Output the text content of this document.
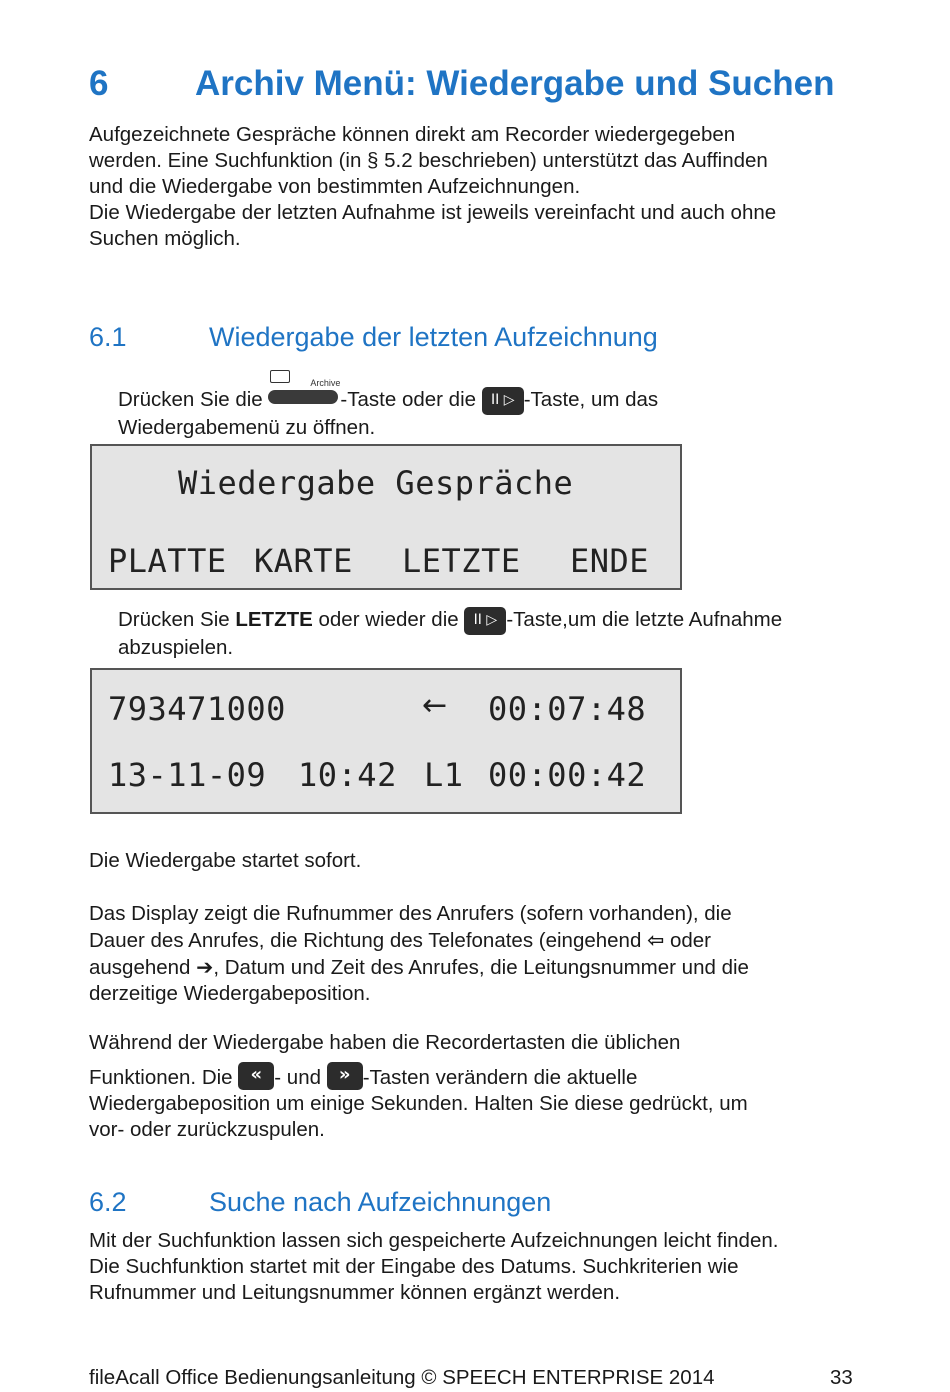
6 Archiv Menü: Wiedergabe und Suchen
Aufgezeichnete Gespräche können direkt am Recorder wiedergegeben
werden. Eine Suchfunktion (in § 5.2 beschrieben) unterstützt das Auffinden
und die Wiedergabe von bestimmten Aufzeichnungen.
Die Wiedergabe der letzten Aufnahme ist jeweils vereinfacht und auch ohne
Suchen möglich.
6.1	Wiedergabe der letzten Aufzeichnung
Drücken Sie die
Archive
-Taste oder die II ▷ -Taste, um das
Wiedergabemenü zu öffnen.
Wiedergabe Gespräche
PLATTE KARTE LETZTE ENDE
Drücken Sie LETZTE oder wieder die II ▷ -Taste,um die letzte Aufnahme
abzuspielen.
793471000	← 00:07:48
13-11-09 10:42 L1 00:00:42
Die Wiedergabe startet sofort.
Das Display zeigt die Rufnummer des Anrufers (sofern vorhanden), die
Dauer des Anrufes, die Richtung des Telefonates (eingehend ⇦ oder
ausgehend ➔, Datum und Zeit des Anrufes, die Leitungsnummer und die
derzeitige Wiedergabeposition.
Während der Wiedergabe haben die Recordertasten die üblichen
Funktionen. Die « - und » -Tasten verändern die aktuelle
Wiedergabeposition um einige Sekunden. Halten Sie diese gedrückt, um
vor- oder zurückzuspulen.
6.2	Suche nach Aufzeichnungen
Mit der Suchfunktion lassen sich gespeicherte Aufzeichnungen leicht finden.
Die Suchfunktion startet mit der Eingabe des Datums. Suchkriterien wie
Rufnummer und Leitungsnummer können ergänzt werden.
fileAcall Office Bedienungsanleitung © SPEECH ENTERPRISE 2014	33
